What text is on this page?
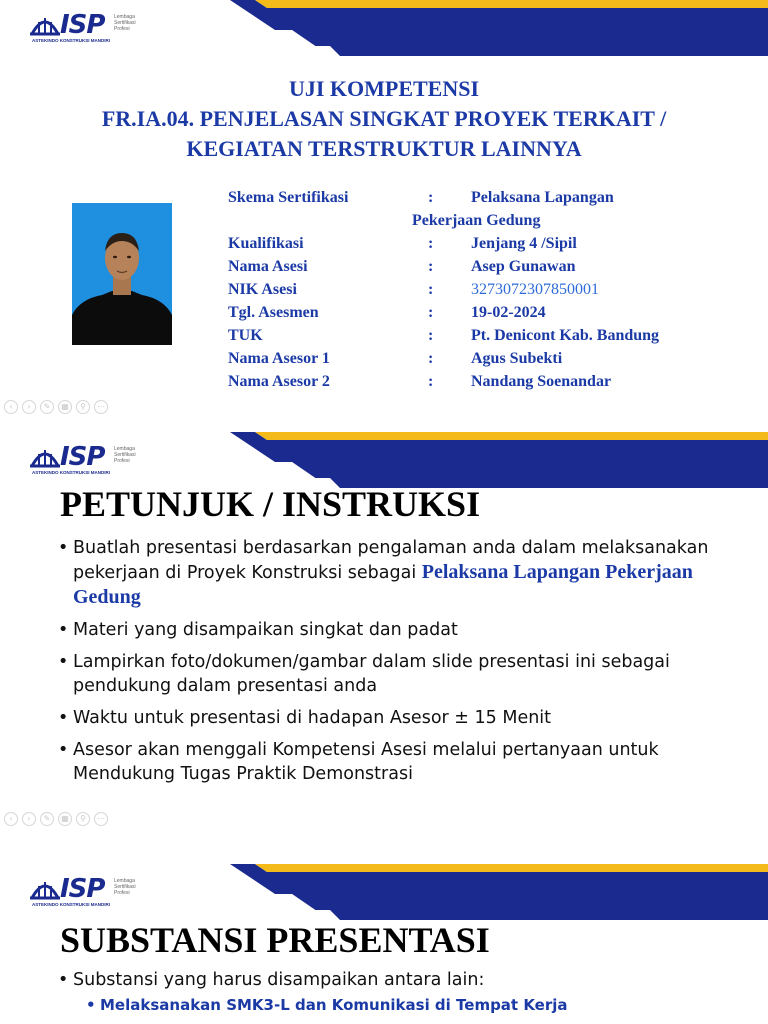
ISP Lembaga
Sertifikasi
Profesi
ASTEKINDO KONSTRUKSI MANDIRI
UJI KOMPETENSI
FR.IA.04. PENJELASAN SINGKAT PROYEK TERKAIT /
KEGIATAN TERSTRUKTUR LAINNYA
Skema Sertifikasi	: Pelaksana Lapangan
Pekerjaan Gedung
Kualifikasi	: Jenjang 4 /Sipil
Nama Asesi	: Asep Gunawan
NIK Asesi	: 3273072307850001
Tgl. Asesmen	: 19-02-2024
TUK	: Pt. Denicont Kab. Bandung
Nama Asesor 1	: Agus Subekti
Nama Asesor 2	: Nandang Soenandar
‹	›	✎	▦	⚲	⋯
ISP Lembaga
Sertifikasi
Profesi
ASTEKINDO KONSTRUKSI MANDIRI
PETUNJUK / INSTRUKSI
• Buatlah presentasi berdasarkan pengalaman anda dalam melaksanakan pekerjaan di Proyek Konstruksi sebagai Pelaksana Lapangan Pekerjaan Gedung
• Materi yang disampaikan singkat dan padat
• Lampirkan foto/dokumen/gambar dalam slide presentasi ini sebagai pendukung dalam presentasi anda
• Waktu untuk presentasi di hadapan Asesor ± 15 Menit
• Asesor akan menggali Kompetensi Asesi melalui pertanyaan untuk Mendukung Tugas Praktik Demonstrasi
‹	›	✎	▦	⚲	⋯
ISP Lembaga
Sertifikasi
Profesi
ASTEKINDO KONSTRUKSI MANDIRI
SUBSTANSI PRESENTASI
• Substansi yang harus disampaikan antara lain:
• Melaksanakan SMK3-L dan Komunikasi di Tempat Kerja
